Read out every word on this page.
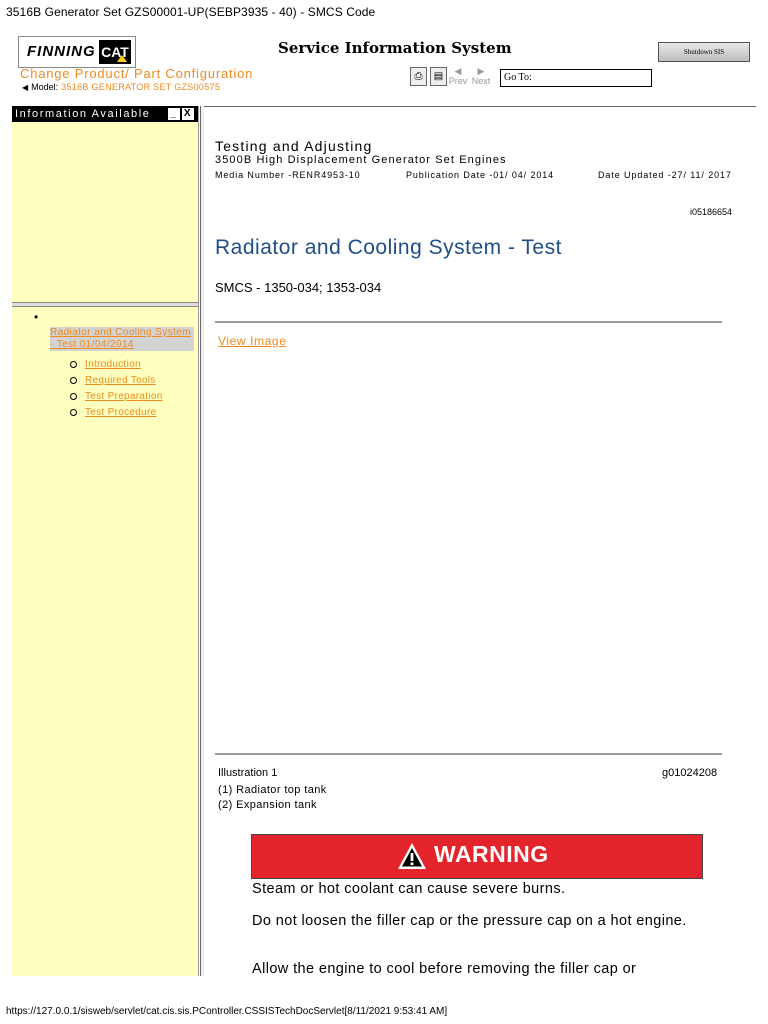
3516B Generator Set GZS00001-UP(SEBP3935 - 40) - SMCS Code
FINNING CAT	Service Information System	Shutdown SIS
Change Product/ Part Configuration
◀ Model: 3516B GENERATOR SET GZS00575
⎙	▤	◀
Prev
▶
Next	Go To:
Information Available _ X
•
Radiator and Cooling System - Test 01/04/2014
Introduction
Required Tools
Test Preparation
Test Procedure
Testing and Adjusting
3500B High Displacement Generator Set Engines
Media Number -RENR4953-10	Publication Date -01/ 04/ 2014	Date Updated -27/ 11/ 2017
i05186654
Radiator and Cooling System - Test
SMCS - 1350-034; 1353-034
View Image
Illustration 1	g01024208
(1) Radiator top tank
(2) Expansion tank
WARNING
Steam or hot coolant can cause severe burns.
Do not loosen the filler cap or the pressure cap on a hot engine.
Allow the engine to cool before removing the filler cap or
https://127.0.0.1/sisweb/servlet/cat.cis.sis.PController.CSSISTechDocServlet[8/11/2021 9:53:41 AM]
